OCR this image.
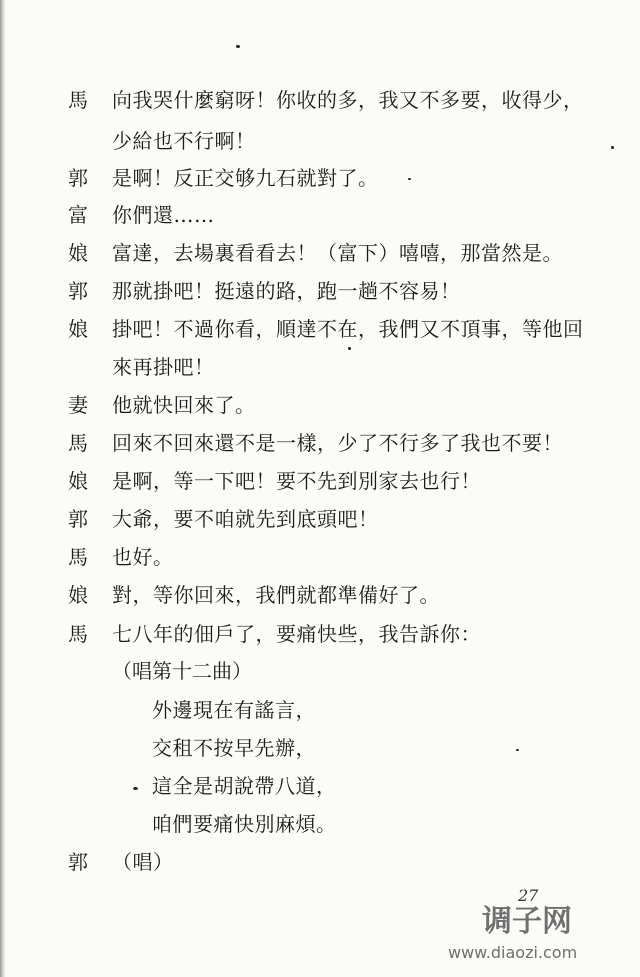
馬 向我哭什麼窮呀！你收的多，我又不多要，收得少，
少給也不行啊！
郭 是啊！反正交够九石就對了。
富 你們還……
娘 富達，去場裏看看去！（富下）嘻嘻，那當然是。
郭 那就掛吧！挺遠的路，跑一趟不容易！
娘 掛吧！不過你看，順達不在，我們又不頂事，等他回
來再掛吧！
妻 他就快回來了。
馬 回來不回來還不是一樣，少了不行多了我也不要！
娘 是啊，等一下吧！要不先到別家去也行！
郭 大爺，要不咱就先到底頭吧！
馬 也好。
娘 對，等你回來，我們就都準備好了。
馬 七八年的佃戶了，要痛快些，我告訴你：
（唱第十二曲）
外邊現在有謠言，
交租不按早先辦，
這全是胡說帶八道，
咱們要痛快別麻煩。
郭 （唱）
27
调子网
www.diaozi.com
